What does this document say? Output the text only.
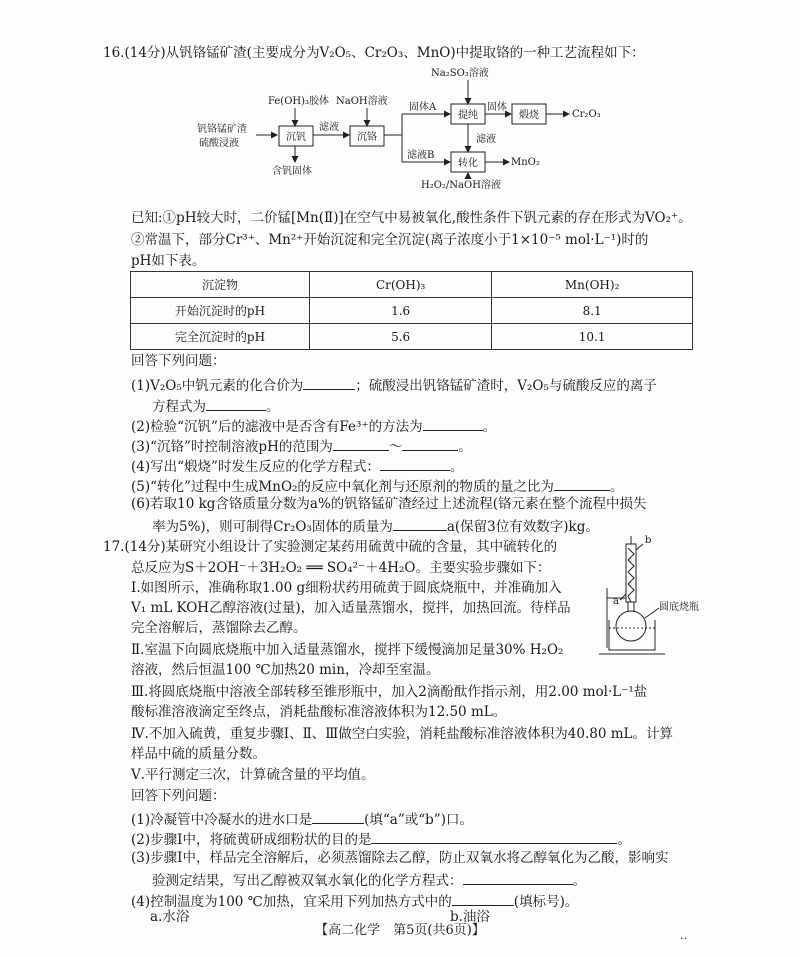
16.(14分)从钒铬锰矿渣(主要成分为V₂O₅、Cr₂O₃、MnO)中提取铬的一种工艺流程如下：
钒铬锰矿渣
硫酸浸液
Fe(OH)₃胶体
沉钒
含钒固体
滤液
NaOH溶液
沉铬
固体A
滤液B
Na₂SO₃溶液
提纯
固体
煅烧	Cr₂O₃
滤液
转化	MnO₂
H₂O₂/NaOH溶液
已知:①pH较大时，二价锰[Mn(Ⅱ)]在空气中易被氧化,酸性条件下钒元素的存在形式为VO₂⁺。
②常温下，部分Cr³⁺、Mn²⁺开始沉淀和完全沉淀(离子浓度小于1×10⁻⁵ mol·L⁻¹)时的
pH如下表。
沉淀物	Cr(OH)₃	Mn(OH)₂
开始沉淀时的pH	1.6	8.1
完全沉淀时的pH	5.6	10.1
回答下列问题：
(1)V₂O₅中钒元素的化合价为	；硫酸浸出钒铬锰矿渣时，V₂O₅与硫酸反应的离子
方程式为	。
(2)检验“沉钒”后的滤液中是否含有Fe³⁺的方法为	。
(3)“沉铬”时控制溶液pH的范围为	～	。
(4)写出“煅烧”时发生反应的化学方程式：	。
(5)“转化”过程中生成MnO₂的反应中氧化剂与还原剂的物质的量之比为	。
(6)若取10 kg含铬质量分数为a%的钒铬锰矿渣经过上述流程(铬元素在整个流程中损失
率为5%)，则可制得Cr₂O₃固体的质量为	a(保留3位有效数字)kg。
17.(14分)某研究小组设计了实验测定某药用硫黄中硫的含量，其中硫转化的
总反应为S＋2OH⁻＋3H₂O₂ ══ SO₄²⁻＋4H₂O。主要实验步骤如下：
Ⅰ.如图所示，准确称取1.00 g细粉状药用硫黄于圆底烧瓶中，并准确加入
V₁ mL KOH乙醇溶液(过量)，加入适量蒸馏水，搅拌，加热回流。待样品
完全溶解后，蒸馏除去乙醇。
Ⅱ.室温下向圆底烧瓶中加入适量蒸馏水，搅拌下缓慢滴加足量30% H₂O₂
溶液，然后恒温100 ℃加热20 min，冷却至室温。
b
a
圆底烧瓶
Ⅲ.将圆底烧瓶中溶液全部转移至锥形瓶中，加入2滴酚酞作指示剂，用2.00 mol·L⁻¹盐
酸标准溶液滴定至终点，消耗盐酸标准溶液体积为12.50 mL。
Ⅳ.不加入硫黄，重复步骤Ⅰ、Ⅱ、Ⅲ做空白实验，消耗盐酸标准溶液体积为40.80 mL。计算
样品中硫的质量分数。
Ⅴ.平行测定三次，计算硫含量的平均值。
回答下列问题：
(1)冷凝管中冷凝水的进水口是	(填“a”或“b”)口。
(2)步骤Ⅰ中，将硫黄研成细粉状的目的是	。
(3)步骤Ⅰ中，样品完全溶解后，必须蒸馏除去乙醇，防止双氧水将乙醇氧化为乙酸，影响实
验测定结果，写出乙醇被双氧水氧化的化学方程式：	。
(4)控制温度为100 ℃加热，宜采用下列加热方式中的	(填标号)。
a.水浴	b.油浴
【高二化学　第5页(共6页)】	‥
